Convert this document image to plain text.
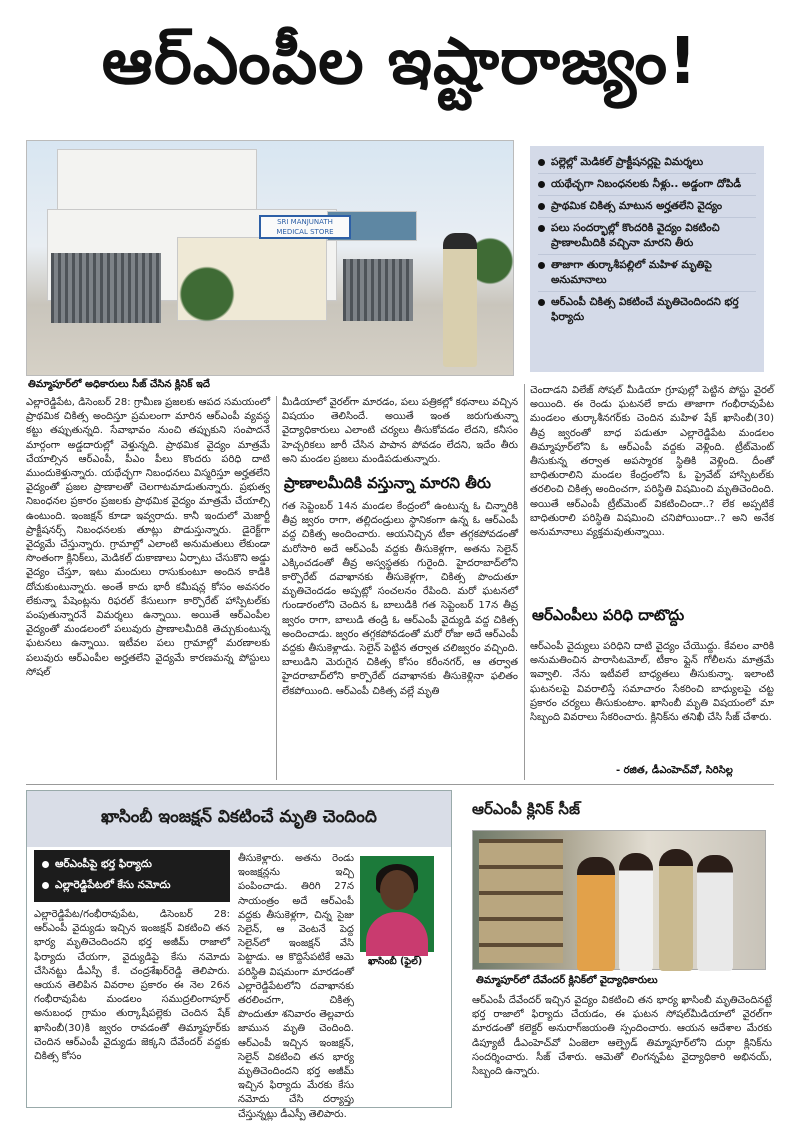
ఆర్ఎంపీల ఇష్టారాజ్యం!
SRI MANJUNATH MEDICAL STORE
తిమ్మాపూర్‌లో అధికారులు సీజ్ చేసిన క్లినిక్ ఇదే
పల్లెల్లో మెడికల్ ప్రాక్టీషనర్లపై విమర్శలు
యథేచ్ఛగా నిబంధనలకు నీళ్లు.. అడ్డంగా దోపిడీ
ప్రాథమిక చికిత్స మాటున అర్హతలేని వైద్యం
పలు సందర్భాల్లో కొందరికి వైద్యం వికటించి ప్రాణాలమీదికి వచ్చినా మారని తీరు
తాజాగా తుర్కాశీపల్లిలో మహిళ మృతిపై అనుమానాలు
ఆర్ఎంపీ చికిత్స వికటించే మృతిచెందిందని భర్త ఫిర్యాదు
ఎల్లారెడ్డిపేట, డిసెంబర్ 28: గ్రామీణ ప్రజలకు ఆపద సమయంలో ప్రాథమిక చికిత్స అందిస్తూ ప్రమలంగా మారిన ఆర్ఎంపీ వ్యవస్థ కట్టు తప్పుతున్నది. సేవాభావం నుంచి తప్పుకుని సంపాదనే మార్గంగా అడ్డదారుల్లో వెళ్తున్నది. ప్రాథమిక వైద్యం మాత్రమే చేయాల్సిన ఆర్ఎంపీ, పీఎం పీలు కొందరు పరిధి దాటి ముందుకెళ్తున్నారు. యథేచ్ఛగా నిబంధనలు విస్మరిస్తూ అర్హతలేని వైద్యంతో ప్రజల ప్రాణాలతో చెలగాటమాడుతున్నారు. ప్రభుత్వ నిబంధనల ప్రకారం ప్రజలకు ప్రాథమిక వైద్యం మాత్రమే చేయాల్సి ఉంటుంది. ఇంజక్షన్ కూడా ఇవ్వరాదు. కానీ ఇందులో మెజార్టీ ప్రాక్టీషనర్స్ నిబంధనలకు తూట్లు పొడుస్తున్నారు. డైరెక్ట్‌గా వైద్యమే చేస్తున్నారు. గ్రామాల్లో ఎలాంటి అనుమతులు లేకుండా సొంతంగా క్లినిక్‌లు, మెడికల్ దుకాణాలు ఏర్పాటు చేసుకొని అడ్డు వైద్యం చేస్తూ, ఇటు మందులు రాసుకుంటూ అందిన కాడికి దోచుకుంటున్నారు. అంతే కాదు భారీ కమీషన్ల కోసం అవసరం లేకున్నా పేషెంట్లను రిఫరల్ కేసులుగా కార్పొరేట్ హాస్పిటల్‌కు పంపుతున్నారనే విమర్శలు ఉన్నాయి. అయితే ఆర్ఎంపీల వైద్యంతో మండలంలో పలువురు ప్రాణాలమీదికి తెచ్చుకుంటున్న ఘటనలు ఉన్నాయి. ఇటీవల పలు గ్రామాల్లో మరణాలకు పలువురు ఆర్ఎంపీల అర్హతలేని వైద్యమే కారణమన్న పోస్టులు సోషల్
మీడియాలో వైరల్‌గా మారడం, పలు పత్రికల్లో కథనాలు వచ్చిన విషయం తెలిసిందే. అయితే ఇంత జరుగుతున్నా వైద్యాధికారులు ఎలాంటి చర్యలు తీసుకోవడం లేదని, కనీసం హెచ్చరికలు జారీ చేసిన పాపాన పోవడం లేదని, ఇదేం తీరు అని మండల ప్రజలు మండిపడుతున్నారు.
ప్రాణాలమీదికి వస్తున్నా మారని తీరు
గత సెప్టెంబర్ 14న మండల కేంద్రంలో ఉంటున్న ఓ చిన్నారికి తీవ్ర జ్వరం రాగా, తల్లిదండ్రులు స్థానికంగా ఉన్న ఓ ఆర్ఎంపీ వద్ద చికిత్స అందించారు. ఆయనిచ్చిన టీకా తగ్గకపోవడంతో మరోసారి అదే ఆర్ఎంపీ వద్దకు తీసుకెళ్లగా, అతను సెలైన్ ఎక్కించడంతో తీవ్ర అస్వస్థతకు గురైంది. హైదరాబాద్‌లోని కార్పొరేట్ దవాఖానకు తీసుకెళ్లగా, చికిత్స పొందుతూ మృతిచెందడం అప్పట్లో సంచలనం రేపింది. మరో ఘటనలో గుండారంలోని చెందిన ఓ బాలుడికి గత సెప్టెంబర్ 17న తీవ్ర జ్వరం రాగా, బాలుడి తండ్రి ఓ ఆర్ఎంపీ వైద్యుడి వద్ద చికిత్స అందించాడు. జ్వరం తగ్గకపోవడంతో మరో రోజు అదే ఆర్ఎంపీ వద్దకు తీసుకెళ్లాడు. సెలైన్ పెట్టిన తర్వాత చలిజ్వరం వచ్చింది. బాలుడిని మెరుగైన చికిత్స కోసం కరీంనగర్, ఆ తర్వాత హైదరాబాద్‌లోని కార్పొరేట్ దవాఖానకు తీసుకెళ్లినా ఫలితం లేకపోయింది. ఆర్ఎంపీ చికిత్స వల్లే మృతి
చెందాడని విలేజ్ సోషల్ మీడియా గ్రూపుల్లో పెట్టిన పోస్టు వైరల్ అయింది. ఈ రెండు ఘటనలే కాదు తాజాగా గంభీరావుపేట మండలం తుర్కాశీనగర్‌కు చెందిన మహిళ షేక్ ఖాసింబీ(30) తీవ్ర జ్వరంతో బాధ పడుతూ ఎల్లారెడ్డిపేట మండలం తిమ్మాపూర్‌లోని ఓ ఆర్ఎంపీ వద్దకు వెళ్లింది. ట్రీట్‌మెంట్ తీసుకున్న తర్వాత అపస్మారక స్థితికి వెళ్లింది. దీంతో బాధితురాలిని మండల కేంద్రంలోని ఓ ప్రైవేట్ హాస్పిటల్‌కు తరలించి చికిత్స అందించగా, పరిస్థితి విషమించి మృతిచెందింది. అయితే ఆర్ఎంపీ ట్రీట్‌మెంట్ వికటించిందా..? లేక అప్పటికే బాధితురాలి పరిస్థితి విషమించి చనిపోయిందా..? అని అనేక అనుమానాలు వ్యక్తమవుతున్నాయి.
ఆర్ఎంపీలు పరిధి దాటొద్దు
ఆర్ఎంపీ వైద్యులు పరిధిని దాటి వైద్యం చేయొద్దు. కేవలం వారికి అనుమతించిన పారాసిటమోల్, టీకాం ఫ్లైన్ గోలీలను మాత్రమే ఇవ్వాలి. నేను ఇటీవలే బాధ్యతలు తీసుకున్నా. ఇలాంటి ఘటనలపై వివరాలిస్తే సమాచారం సేకరించి బాధ్యులపై చట్ట ప్రకారం చర్యలు తీసుకుంటాం. ఖాసింబీ మృతి విషయంలో మా సిబ్బంది వివరాలు సేకరించారు. క్లినిక్‌ను తనిఖీ చేసి సీజ్ చేశారు.
- రజిత, డీఎంహెచ్‌వో, సిరిసిల్ల
ఖాసింబీ ఇంజక్షన్ వికటించే మృతి చెందింది
ఆర్ఎంపీపై భర్త ఫిర్యాదు
ఎల్లారెడ్డిపేటలో కేసు నమోదు
ఎల్లారెడ్డిపేట/గంభీరావుపేట, డిసెంబర్ 28: ఆర్ఎంపీ వైద్యుడు ఇచ్చిన ఇంజక్షన్ వికటించి తన భార్య మృతిచెందిందని భర్త అజీమ్ రాజాలో ఫిర్యాదు చేయగా, వైద్యుడిపై కేసు నమోదు చేసినట్టు డీఎస్పీ కే. చంద్రశేఖర్‌రెడ్డి తెలిపారు. ఆయన తెలిపిన వివరాల ప్రకారం ఈ నెల 26న గంభీరావుపేట మండలం సముద్రలింగాపూర్ అనుబంధ గ్రామం తుర్కాషీపల్లెకు చెందిన షేక్ ఖాసింబీ(30)కి జ్వరం రావడంతో తిమ్మాపూర్‌కు చెందిన ఆర్ఎంపీ వైద్యుడు జెక్కని దేవేందర్ వద్దకు చికిత్స కోసం
తీసుకెళ్లారు. అతను రెండు ఇంజక్షన్లను ఇచ్చి పంపించాడు. తిరిగి 27న సాయంత్రం అదే ఆర్ఎంపీ వద్దకు తీసుకెళ్లగా, చిన్న సైజు సెలైన్, ఆ వెంటనే పెద్ద సెలైన్‌లో ఇంజక్షన్ వేసి పెట్టాడు. ఆ కొద్దిసేపటికే ఆమె పరిస్థితి విషమంగా మారడంతో ఎల్లారెడ్డిపేటలోని దవాఖానకు తరలించగా, చికిత్స పొందుతూ శనివారం తెల్లవారు జామున మృతి చెందింది. ఆర్ఎంపీ ఇచ్చిన ఇంజక్షన్, సెలైన్ వికటించి తన భార్య మృతిచెందిందని భర్త అజీమ్ ఇచ్చిన ఫిర్యాదు మేరకు కేసు నమోదు చేసి దర్యాప్తు చేస్తున్నట్లు డీఎస్పీ తెలిపారు.
ఖాసింబీ (ఫైల్)
ఆర్ఎంపీ క్లినిక్ సీజ్
తిమ్మాపూర్‌లో దేవేందర్ క్లినిక్‌లో వైద్యాధికారులు
ఆర్ఎంపీ దేవేందర్ ఇచ్చిన వైద్యం వికటించి తన భార్య ఖాసింబీ మృతిచెందినట్టే భర్త రాజాలో ఫిర్యాదు చేయడం, ఈ ఘటన సోషల్‌మీడియాలో వైరల్‌గా మారడంతో కలెక్టర్ అనురాగ్‌జయంతి స్పందించారు. ఆయన ఆదేశాల మేరకు డిప్యూటీ డీఎంహెచ్‌వో ఏంజెలా ఆల్ఫ్రెడ్ తిమ్మాపూర్‌లోని దుర్గా క్లినిక్‌ను సందర్శించారు. సీజ్ చేశారు. ఆమెతో లింగన్నపేట వైద్యాధికారి అభినయ్, సిబ్బంది ఉన్నారు.
